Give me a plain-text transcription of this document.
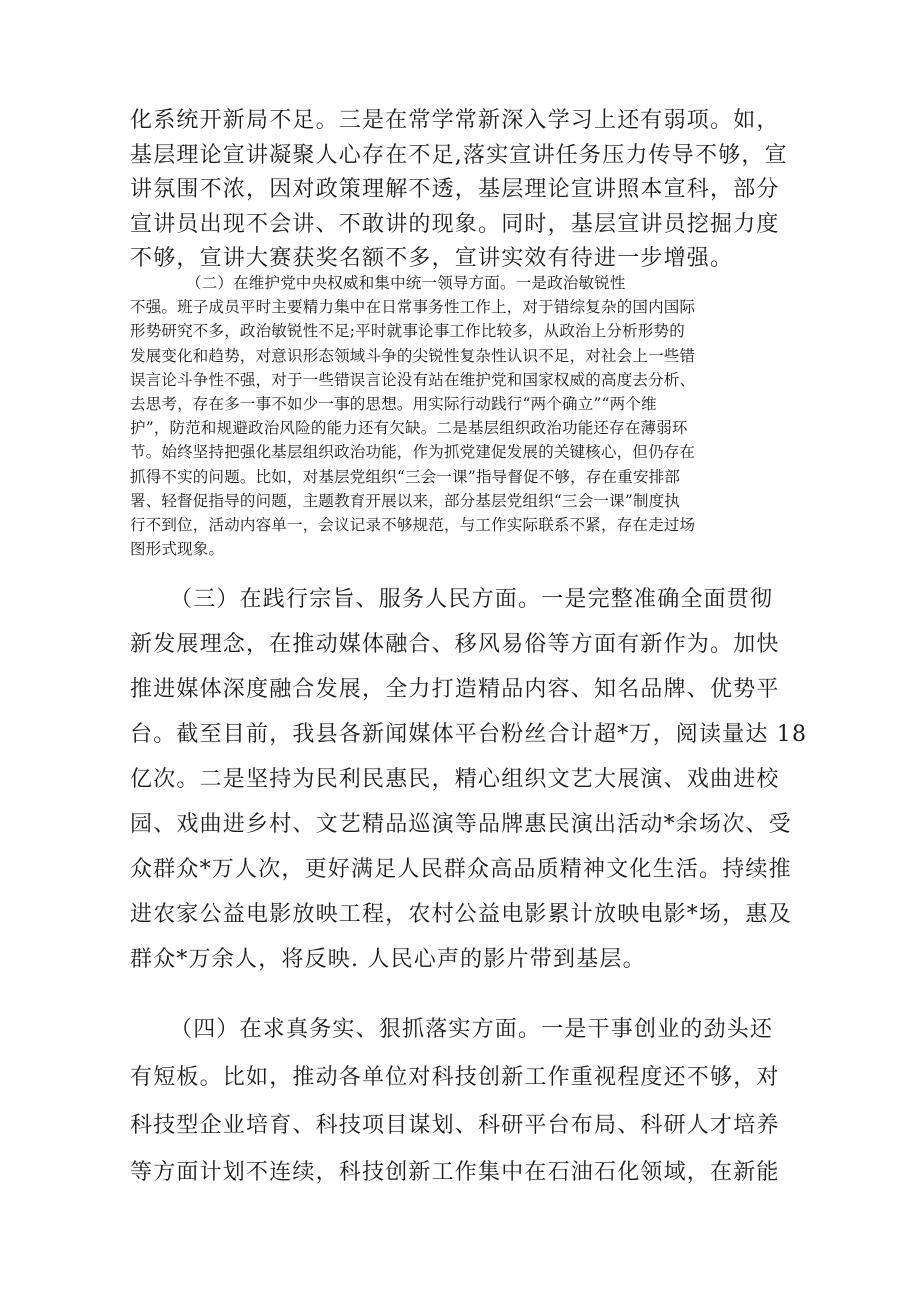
化系统开新局不足。三是在常学常新深入学习上还有弱项。如，
基层理论宣讲凝聚人心存在不足,落实宣讲任务压力传导不够，宣
讲氛围不浓，因对政策理解不透，基层理论宣讲照本宣科，部分
宣讲员出现不会讲、不敢讲的现象。同时，基层宣讲员挖掘力度
不够，宣讲大赛获奖名额不多，宣讲实效有待进一步增强。
（二）在维护党中央权威和集中统一领导方面。一是政治敏锐性
不强。班子成员平时主要精力集中在日常事务性工作上，对于错综复杂的国内国际
形势研究不多，政治敏锐性不足;平时就事论事工作比较多，从政治上分析形势的
发展变化和趋势，对意识形态领域斗争的尖锐性复杂性认识不足，对社会上一些错
误言论斗争性不强，对于一些错误言论没有站在维护党和国家权威的高度去分析、
去思考，存在多一事不如少一事的思想。用实际行动践行“两个确立”“两个维
护”，防范和规避政治风险的能力还有欠缺。二是基层组织政治功能还存在薄弱环
节。始终坚持把强化基层组织政治功能，作为抓党建促发展的关键核心，但仍存在
抓得不实的问题。比如，对基层党组织“三会一课”指导督促不够，存在重安排部
署、轻督促指导的问题，主题教育开展以来，部分基层党组织“三会一课”制度执
行不到位，活动内容单一，会议记录不够规范，与工作实际联系不紧，存在走过场
图形式现象。
（三）在践行宗旨、服务人民方面。一是完整准确全面贯彻
新发展理念，在推动媒体融合、移风易俗等方面有新作为。加快
推进媒体深度融合发展，全力打造精品内容、知名品牌、优势平
台。截至目前，我县各新闻媒体平台粉丝合计超*万，阅读量达 18
亿次。二是坚持为民利民惠民，精心组织文艺大展演、戏曲进校
园、戏曲进乡村、文艺精品巡演等品牌惠民演出活动*余场次、受
众群众*万人次，更好满足人民群众高品质精神文化生活。持续推
进农家公益电影放映工程，农村公益电影累计放映电影*场，惠及
群众*万余人，将反映. 人民心声的影片带到基层。
（四）在求真务实、狠抓落实方面。一是干事创业的劲头还
有短板。比如，推动各单位对科技创新工作重视程度还不够，对
科技型企业培育、科技项目谋划、科研平台布局、科研人才培养
等方面计划不连续，科技创新工作集中在石油石化领域，在新能
